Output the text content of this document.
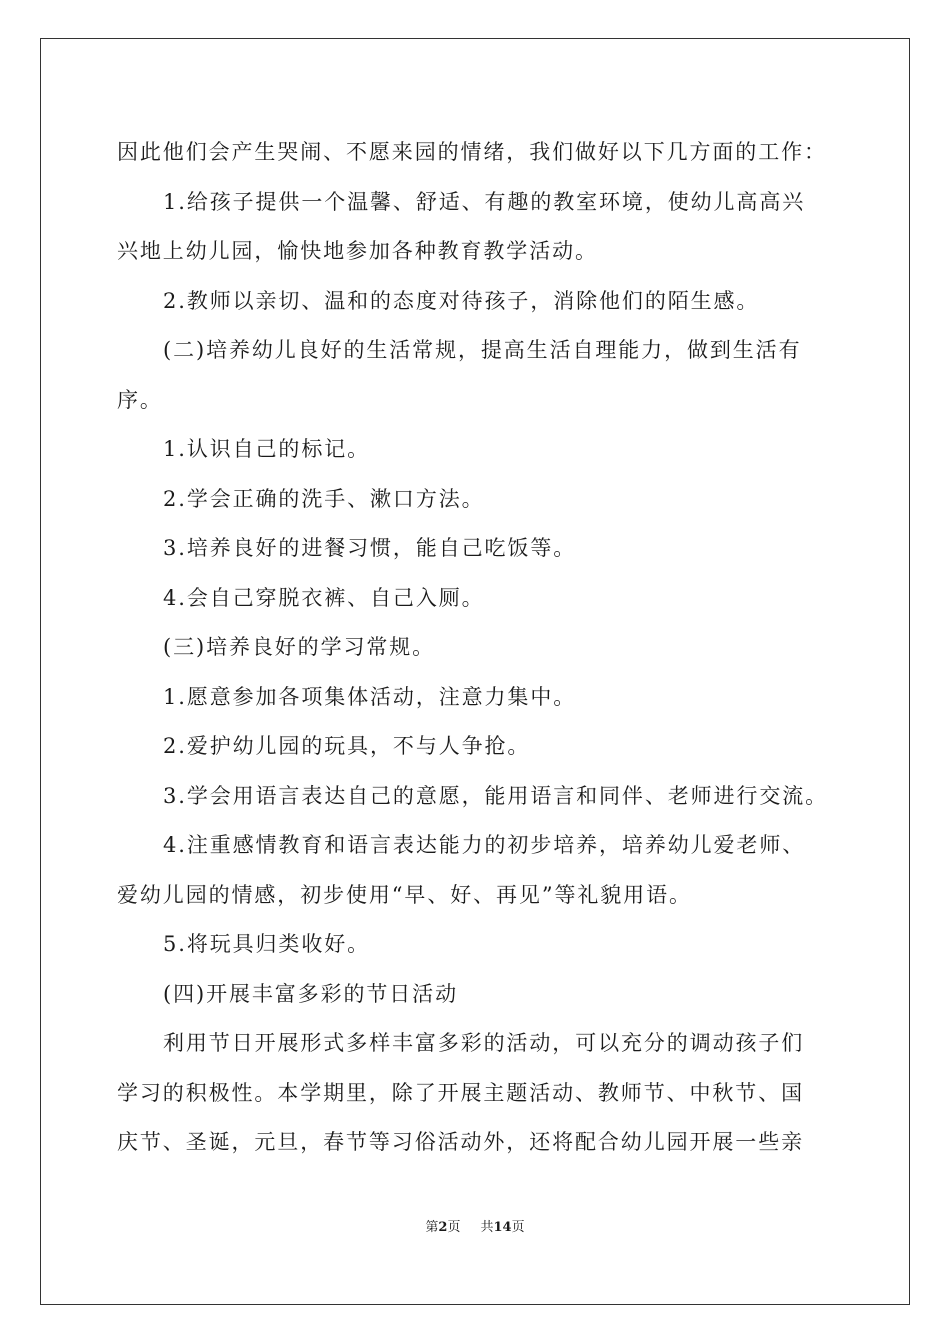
因此他们会产生哭闹、不愿来园的情绪，我们做好以下几方面的工作：
1.给孩子提供一个温馨、舒适、有趣的教室环境，使幼儿高高兴
兴地上幼儿园，愉快地参加各种教育教学活动。
2.教师以亲切、温和的态度对待孩子，消除他们的陌生感。
(二)培养幼儿良好的生活常规，提高生活自理能力，做到生活有
序。
1.认识自己的标记。
2.学会正确的洗手、漱口方法。
3.培养良好的进餐习惯，能自己吃饭等。
4.会自己穿脱衣裤、自己入厕。
(三)培养良好的学习常规。
1.愿意参加各项集体活动，注意力集中。
2.爱护幼儿园的玩具，不与人争抢。
3.学会用语言表达自己的意愿，能用语言和同伴、老师进行交流。
4.注重感情教育和语言表达能力的初步培养，培养幼儿爱老师、
爱幼儿园的情感，初步使用“早、好、再见”等礼貌用语。
5.将玩具归类收好。
(四)开展丰富多彩的节日活动
利用节日开展形式多样丰富多彩的活动，可以充分的调动孩子们
学习的积极性。本学期里，除了开展主题活动、教师节、中秋节、国
庆节、圣诞，元旦，春节等习俗活动外，还将配合幼儿园开展一些亲
第2页 共14页
